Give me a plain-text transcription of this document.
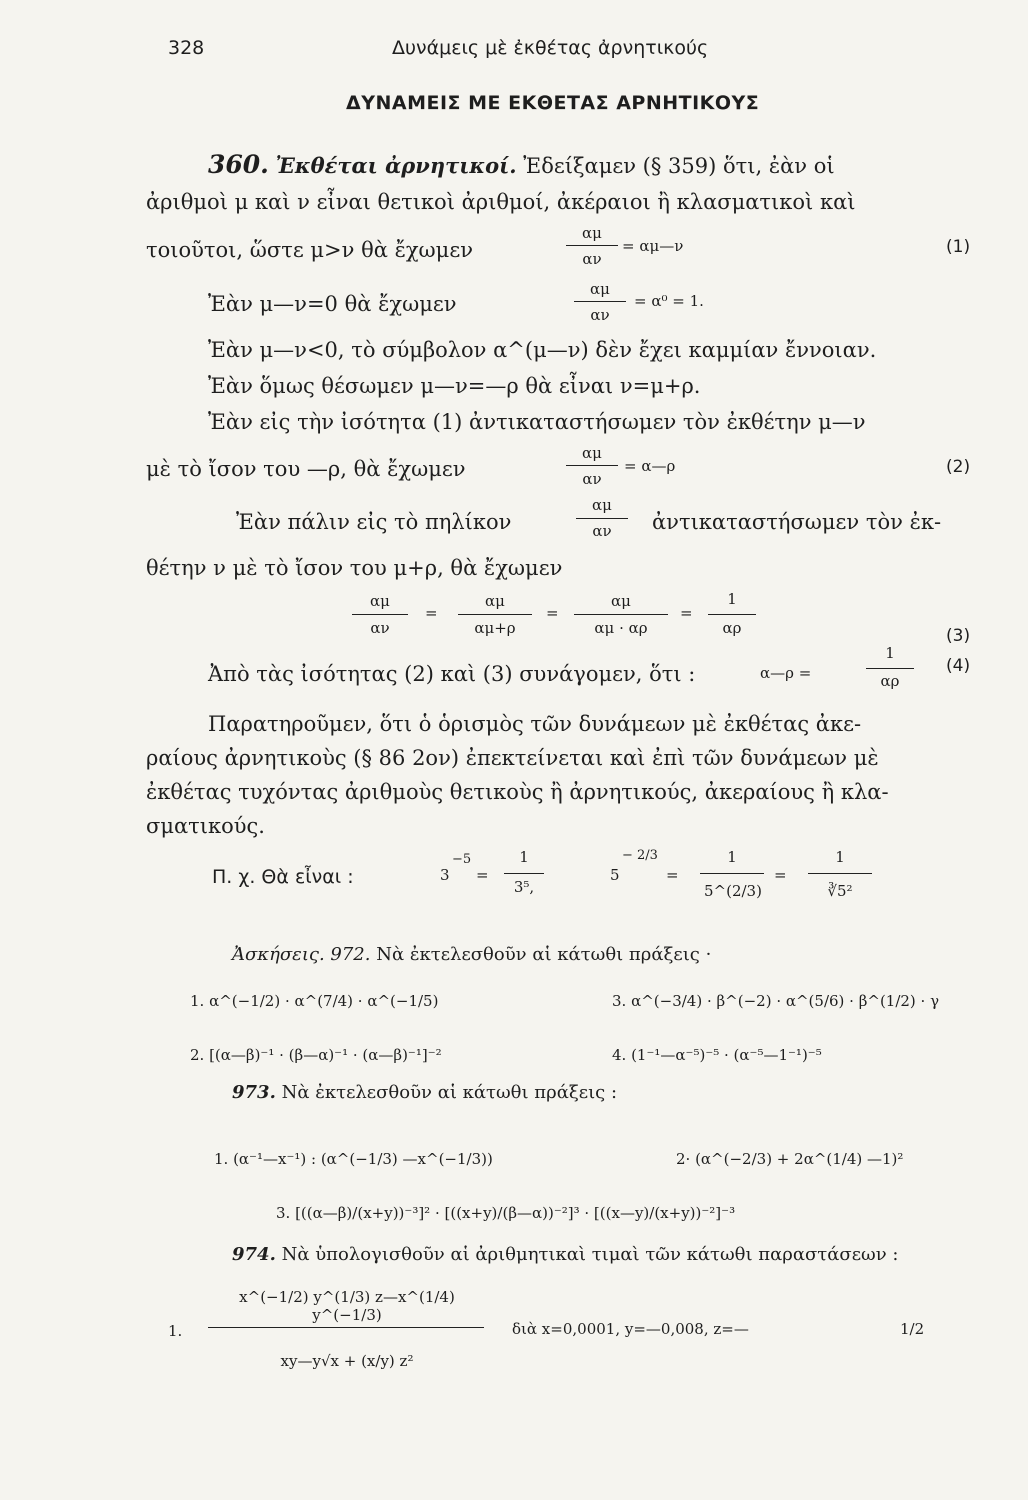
328	Δυνάμεις μὲ ἐκθέτας ἀρνητικούς
ΔΥΝΑΜΕΙΣ ΜΕ ΕΚΘΕΤΑΣ ΑΡΝΗΤΙΚΟΥΣ
360. Ἐκθέται ἀρνητικοί. Ἐδείξαμεν (§ 359) ὅτι, ἐὰν οἱ
ἀριθμοὶ μ καὶ ν εἶναι θετικοὶ ἀριθμοί, ἀκέραιοι ἢ κλασματικοὶ καὶ
τοιοῦτοι, ὥστε μ>ν θὰ ἔχωμεν
αμ
αν
= αμ—ν	(1)
Ἐὰν μ—ν=0 θὰ ἔχωμεν
αμ
αν
= α⁰ = 1.
Ἐὰν μ—ν<0, τὸ σύμβολον α^(μ—ν) δὲν ἔχει καμμίαν ἔννοιαν.
Ἐὰν ὅμως θέσωμεν μ—ν=—ρ θὰ εἶναι ν=μ+ρ.
Ἐὰν εἰς τὴν ἰσότητα (1) ἀντικαταστήσωμεν τὸν ἐκθέτην μ—ν
μὲ τὸ ἴσον του —ρ, θὰ ἔχωμεν
αμ
αν
= α—ρ	(2)
Ἐὰν πάλιν εἰς τὸ πηλίκον
αμ
αν	ἀντικαταστήσωμεν τὸν ἐκ-
θέτην ν μὲ τὸ ἴσον του μ+ρ, θὰ ἔχωμεν
αμ
αν
=
αμ
αμ+ρ
=
αμ
αμ · αρ
=
1
αρ	(3)
Ἀπὸ τὰς ἰσότητας (2) καὶ (3) συνάγομεν, ὅτι :	α—ρ =
1
αρ
(4)
Παρατηροῦμεν, ὅτι ὁ ὁρισμὸς τῶν δυνάμεων μὲ ἐκθέτας ἀκε-
ραίους ἀρνητικοὺς (§ 86 2ον) ἐπεκτείνεται καὶ ἐπὶ τῶν δυνάμεων μὲ
ἐκθέτας τυχόντας ἀριθμοὺς θετικοὺς ἢ ἀρνητικούς, ἀκεραίους ἢ κλα-
σματικούς.
Π. χ. Θὰ εἶναι :	3
−5
=
1
3⁵,
5
− 2/3
=
1
5^(2/3)
=
1
∛5²
Ἀσκήσεις. 972. Νὰ ἐκτελεσθοῦν αἱ κάτωθι πράξεις ·
1. α^(−1/2) · α^(7/4) · α^(−1/5)	3. α^(−3/4) · β^(−2) · α^(5/6) · β^(1/2) · γ
2. [(α—β)⁻¹ · (β—α)⁻¹ · (α—β)⁻¹]⁻²	4. (1⁻¹—α⁻⁵)⁻⁵ · (α⁻⁵—1⁻¹)⁻⁵
973. Νὰ ἐκτελεσθοῦν αἱ κάτωθι πράξεις :
1. (α⁻¹—x⁻¹) : (α^(−1/3) —x^(−1/3))	2· (α^(−2/3) + 2α^(1/4) —1)²
3. [((α—β)/(x+y))⁻³]² · [((x+y)/(β—α))⁻²]³ · [((x—y)/(x+y))⁻²]⁻³
974. Νὰ ὑπολογισθοῦν αἱ ἀριθμητικαὶ τιμαὶ τῶν κάτωθι παραστάσεων :
1.
x^(−1/2) y^(1/3) z—x^(1/4) y^(−1/3)
xy—y√x + (x/y) z²
διὰ x=0,0001, y=—0,008, z=—	1/2
